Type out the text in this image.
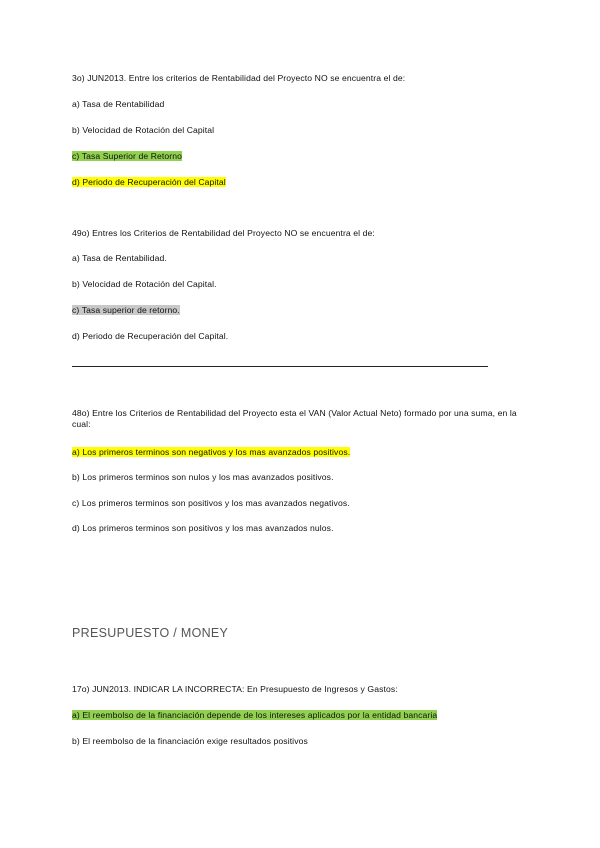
3o) JUN2013. Entre los criterios de Rentabilidad del Proyecto NO se encuentra el de:

a) Tasa de Rentabilidad

b) Velocidad de Rotación del Capital

c) Tasa Superior de Retorno

d) Periodo de Recuperación del Capital

49o) Entres los Criterios de Rentabilidad del Proyecto NO se encuentra el de:

a) Tasa de Rentabilidad.

b) Velocidad de Rotación del Capital.

c) Tasa superior de retorno.

d) Periodo de Recuperación del Capital.

48o) Entre los Criterios de Rentabilidad del Proyecto esta el VAN (Valor Actual Neto) formado por una suma, en la cual:

a) Los primeros terminos son negativos y los mas avanzados positivos.

b) Los primeros terminos son nulos y los mas avanzados positivos.

c) Los primeros terminos son positivos y los mas avanzados negativos.

d) Los primeros terminos son positivos y los mas avanzados nulos.

PRESUPUESTO / MONEY

17o) JUN2013. INDICAR LA INCORRECTA: En Presupuesto de Ingresos y Gastos:

a) El reembolso de la financiación depende de los intereses aplicados por la entidad bancaria

b) El reembolso de la financiación exige resultados positivos
